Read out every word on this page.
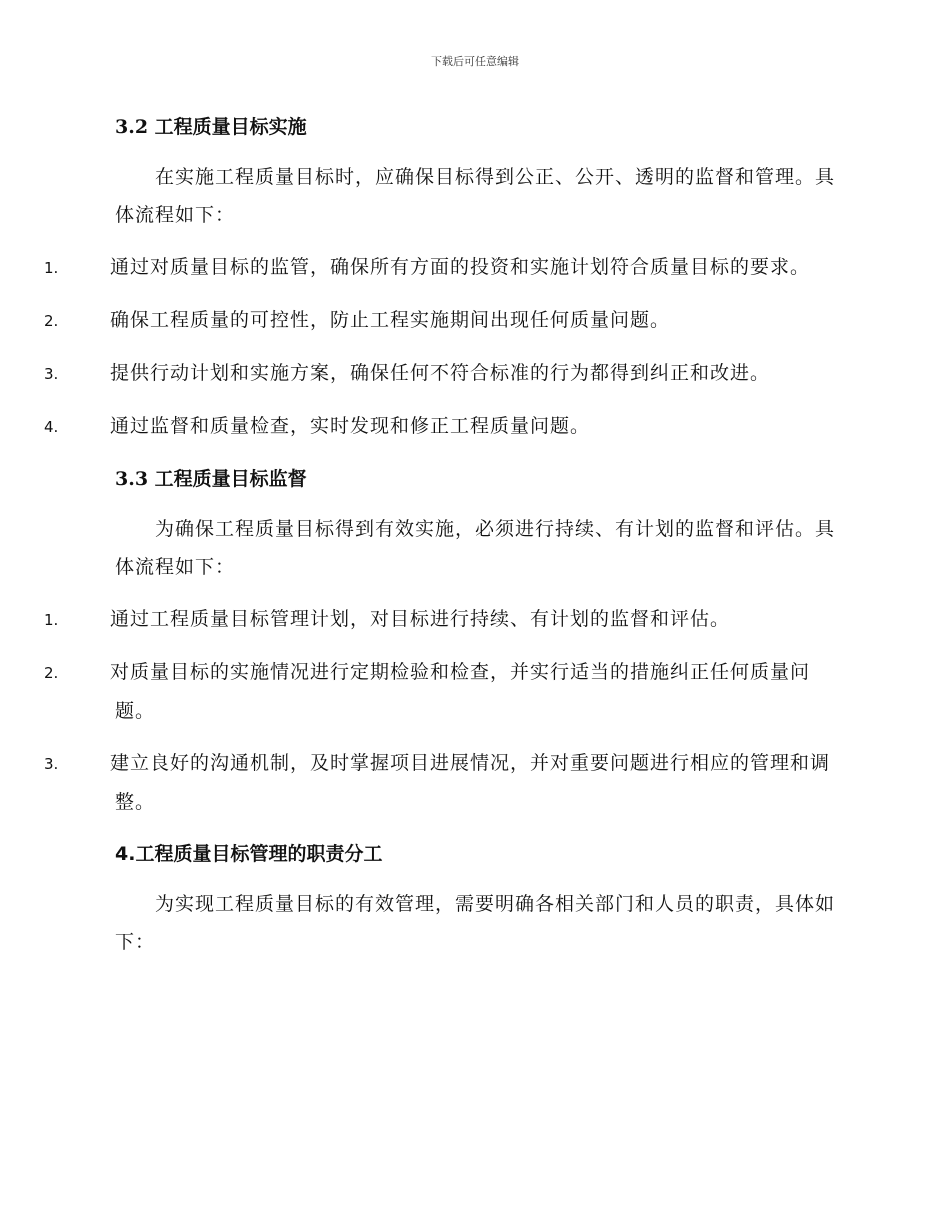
下载后可任意编辑
3.2 工程质量目标实施
在实施工程质量目标时，应确保目标得到公正、公开、透明的监督和管理。具体流程如下：
1.	通过对质量目标的监管，确保所有方面的投资和实施计划符合质量目标的要求。
2.	确保工程质量的可控性，防止工程实施期间出现任何质量问题。
3.	提供行动计划和实施方案，确保任何不符合标准的行为都得到纠正和改进。
4.	通过监督和质量检查，实时发现和修正工程质量问题。
3.3 工程质量目标监督
为确保工程质量目标得到有效实施，必须进行持续、有计划的监督和评估。具体流程如下：
1.	通过工程质量目标管理计划，对目标进行持续、有计划的监督和评估。
2.	对质量目标的实施情况进行定期检验和检查，并实行适当的措施纠正任何质量问题。
3.	建立良好的沟通机制，及时掌握项目进展情况，并对重要问题进行相应的管理和调整。
4.工程质量目标管理的职责分工
为实现工程质量目标的有效管理，需要明确各相关部门和人员的职责，具体如下：
